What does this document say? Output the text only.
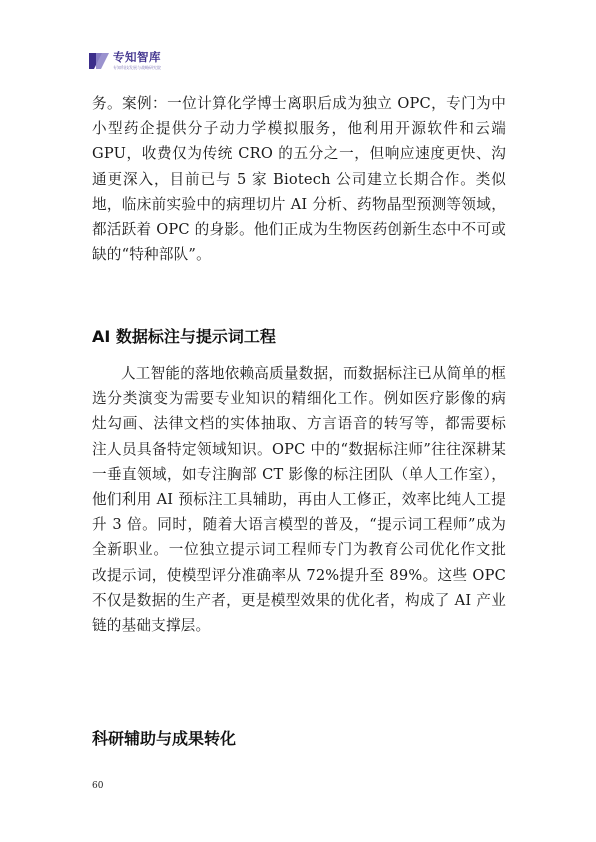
专知智库
专知科技发展与战略研究院

务。案例：一位计算化学博士离职后成为独立 OPC，专门为中小型药企提供分子动力学模拟服务，他利用开源软件和云端 GPU，收费仅为传统 CRO 的五分之一，但响应速度更快、沟通更深入，目前已与 5 家 Biotech 公司建立长期合作。类似地，临床前实验中的病理切片 AI 分析、药物晶型预测等领域，都活跃着 OPC 的身影。他们正成为生物医药创新生态中不可或缺的“特种部队”。

AI 数据标注与提示词工程

人工智能的落地依赖高质量数据，而数据标注已从简单的框选分类演变为需要专业知识的精细化工作。例如医疗影像的病灶勾画、法律文档的实体抽取、方言语音的转写等，都需要标注人员具备特定领域知识。OPC 中的“数据标注师”往往深耕某一垂直领域，如专注胸部 CT 影像的标注团队（单人工作室），他们利用 AI 预标注工具辅助，再由人工修正，效率比纯人工提升 3 倍。同时，随着大语言模型的普及，“提示词工程师”成为全新职业。一位独立提示词工程师专门为教育公司优化作文批改提示词，使模型评分准确率从 72%提升至 89%。这些 OPC 不仅是数据的生产者，更是模型效果的优化者，构成了 AI 产业链的基础支撑层。

科研辅助与成果转化
60
